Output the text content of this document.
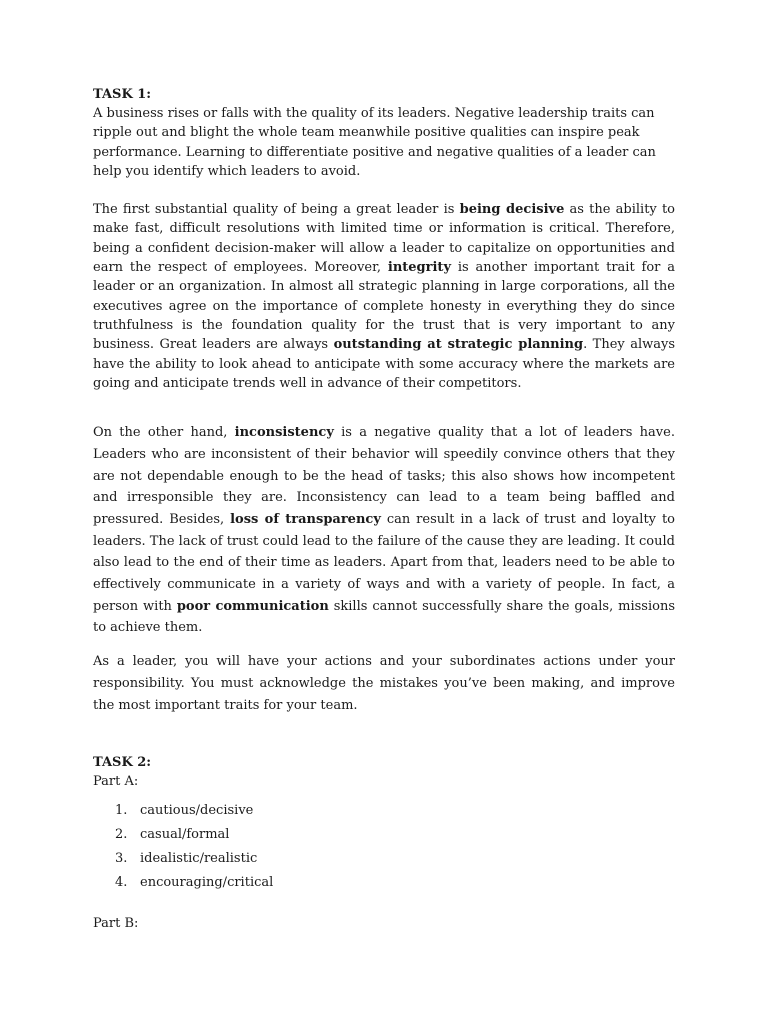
TASK 1:

A business rises or falls with the quality of its leaders. Negative leadership traits can ripple out and blight the whole team meanwhile positive qualities can inspire peak performance. Learning to differentiate positive and negative qualities of a leader can help you identify which leaders to avoid.

The first substantial quality of being a great leader is being decisive as the ability to make fast, difficult resolutions with limited time or information is critical. Therefore, being a confident decision-maker will allow a leader to capitalize on opportunities and earn the respect of employees. Moreover, integrity is another important trait for a leader or an organization. In almost all strategic planning in large corporations, all the executives agree on the importance of complete honesty in everything they do since truthfulness is the foundation quality for the trust that is very important to any business. Great leaders are always outstanding at strategic planning. They always have the ability to look ahead to anticipate with some accuracy where the markets are going and anticipate trends well in advance of their competitors.

On the other hand, inconsistency is a negative quality that a lot of leaders have. Leaders who are inconsistent of their behavior will speedily convince others that they are not dependable enough to be the head of tasks; this also shows how incompetent and irresponsible they are. Inconsistency can lead to a team being baffled and pressured. Besides, loss of transparency can result in a lack of trust and loyalty to leaders. The lack of trust could lead to the failure of the cause they are leading. It could also lead to the end of their time as leaders. Apart from that, leaders need to be able to effectively communicate in a variety of ways and with a variety of people. In fact, a person with poor communication skills cannot successfully share the goals, missions to achieve them.

As a leader, you will have your actions and your subordinates actions under your responsibility. You must acknowledge the mistakes you’ve been making, and improve the most important traits for your team.

TASK 2:

Part A:

1. cautious/decisive
2. casual/formal
3. idealistic/realistic
4. encouraging/critical

Part B:
